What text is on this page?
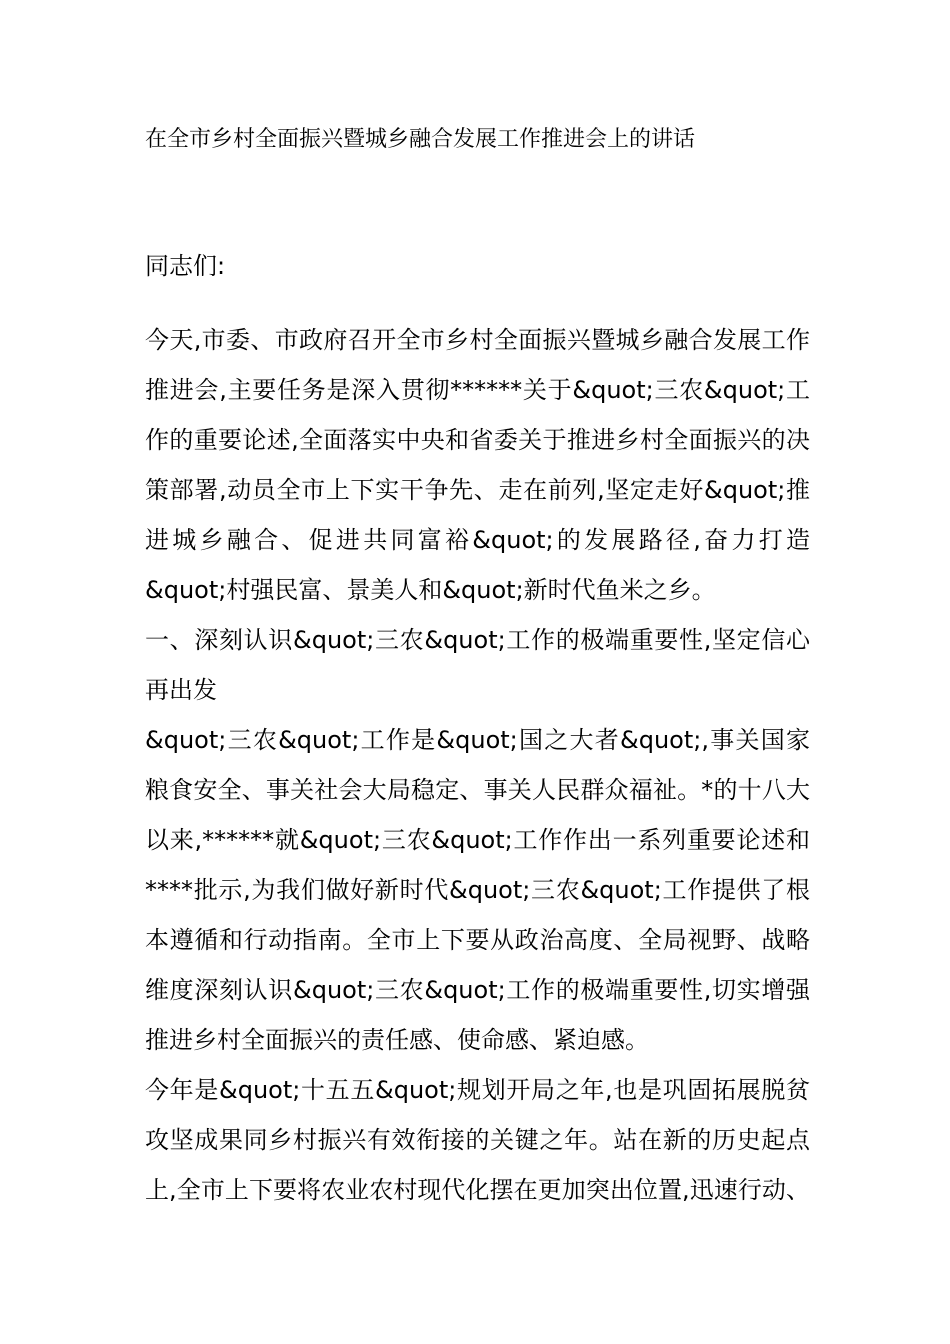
在全市乡村全面振兴暨城乡融合发展工作推进会上的讲话
同志们:
今天,市委、市政府召开全市乡村全面振兴暨城乡融合发展工作
推进会,主要任务是深入贯彻******关于&quot;三农&quot;工
作的重要论述,全面落实中央和省委关于推进乡村全面振兴的决
策部署,动员全市上下实干争先、走在前列,坚定走好&quot;推
进城乡融合、促进共同富裕&quot;的发展路径,奋力打造
&quot;村强民富、景美人和&quot;新时代鱼米之乡。
一、深刻认识&quot;三农&quot;工作的极端重要性,坚定信心
再出发
&quot;三农&quot;工作是&quot;国之大者&quot;,事关国家
粮食安全、事关社会大局稳定、事关人民群众福祉。*的十八大
以来,******就&quot;三农&quot;工作作出一系列重要论述和
****批示,为我们做好新时代&quot;三农&quot;工作提供了根
本遵循和行动指南。全市上下要从政治高度、全局视野、战略
维度深刻认识&quot;三农&quot;工作的极端重要性,切实增强
推进乡村全面振兴的责任感、使命感、紧迫感。
今年是&quot;十五五&quot;规划开局之年,也是巩固拓展脱贫
攻坚成果同乡村振兴有效衔接的关键之年。站在新的历史起点
上,全市上下要将农业农村现代化摆在更加突出位置,迅速行动、
